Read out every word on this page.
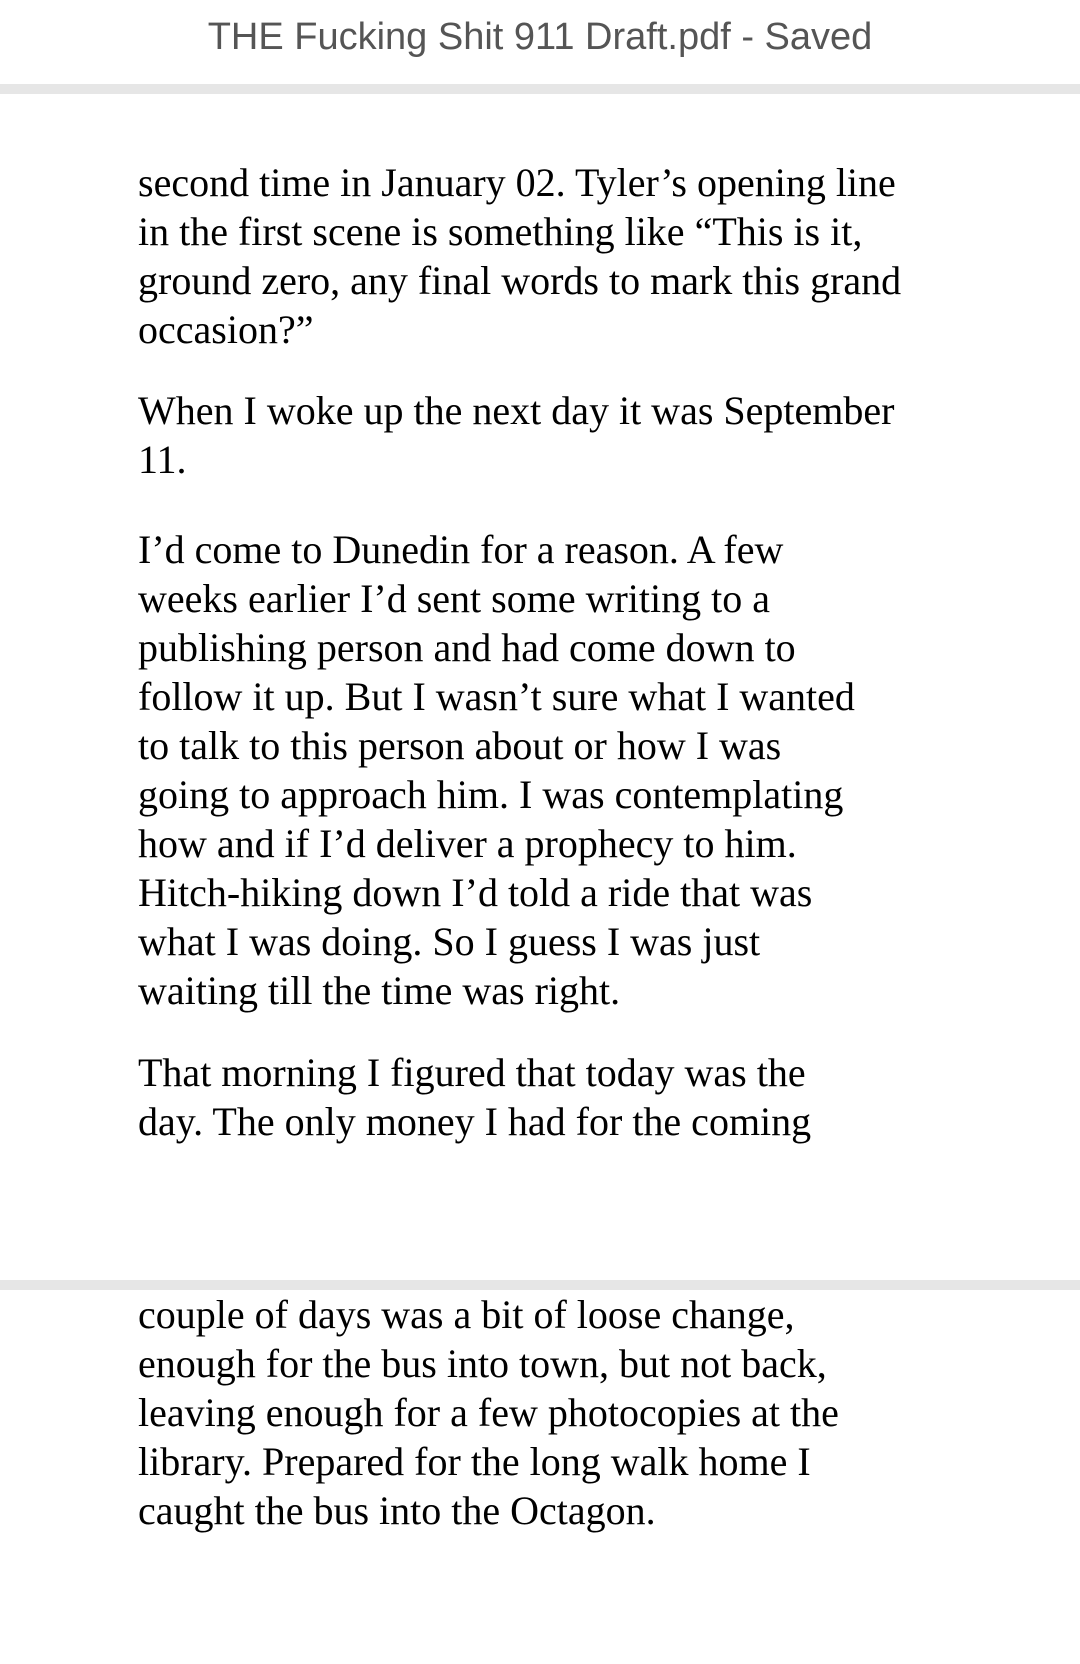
THE Fucking Shit 911 Draft.pdf - Saved

second time in January 02. Tyler’s opening line
in the first scene is something like “This is it,
ground zero, any final words to mark this grand
occasion?”

When I woke up the next day it was September
11.

I’d come to Dunedin for a reason. A few
weeks earlier I’d sent some writing to a
publishing person and had come down to
follow it up. But I wasn’t sure what I wanted
to talk to this person about or how I was
going to approach him. I was contemplating
how and if I’d deliver a prophecy to him.
Hitch-hiking down I’d told a ride that was
what I was doing. So I guess I was just
waiting till the time was right.

That morning I figured that today was the
day. The only money I had for the coming

couple of days was a bit of loose change,
enough for the bus into town, but not back,
leaving enough for a few photocopies at the
library. Prepared for the long walk home I
caught the bus into the Octagon.
